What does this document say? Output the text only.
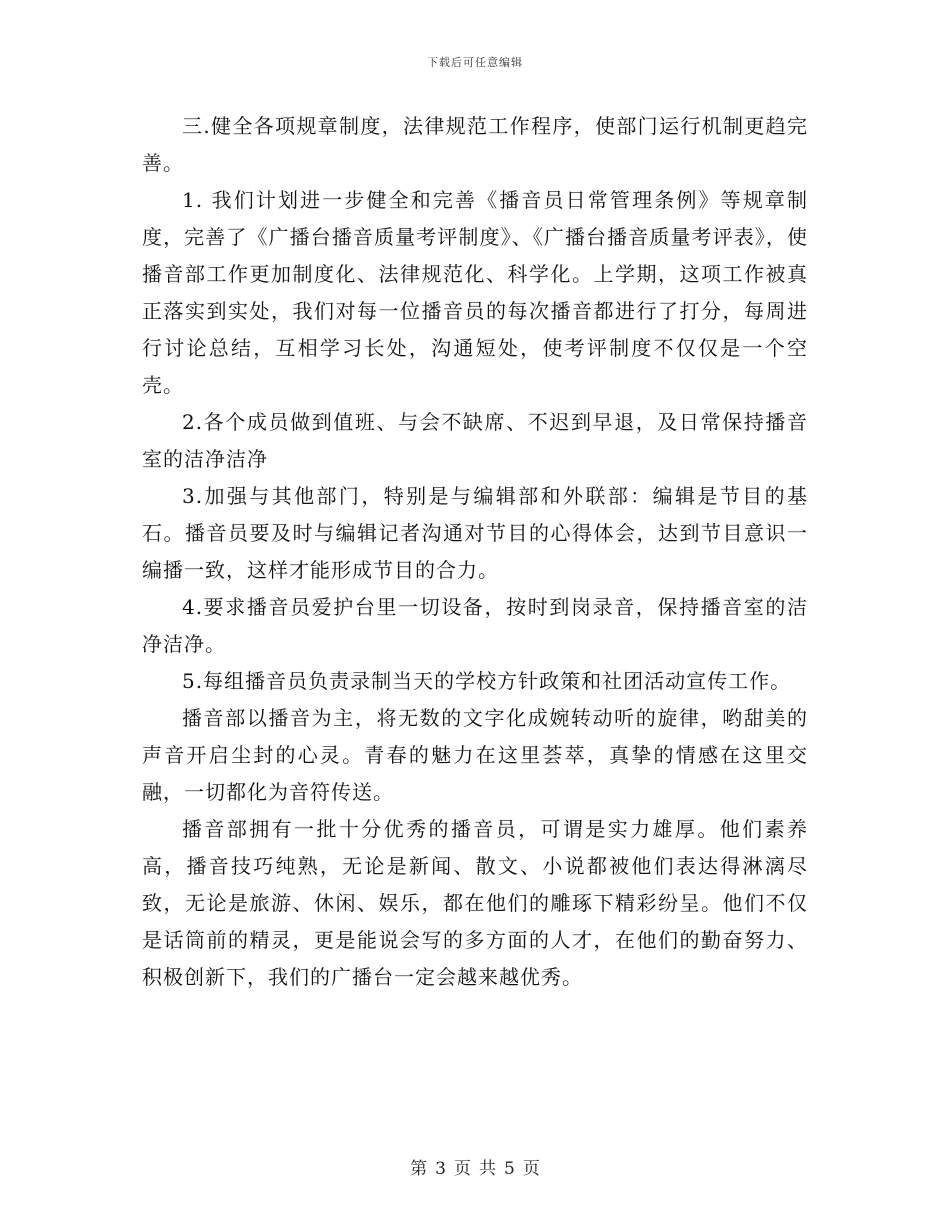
下载后可任意编辑

三.健全各项规章制度，法律规范工作程序，使部门运行机制更趋完善。

1. 我们计划进一步健全和完善《播音员日常管理条例》等规章制度，完善了《广播台播音质量考评制度》、《广播台播音质量考评表》，使播音部工作更加制度化、法律规范化、科学化。上学期，这项工作被真正落实到实处，我们对每一位播音员的每次播音都进行了打分，每周进行讨论总结，互相学习长处，沟通短处，使考评制度不仅仅是一个空壳。

2.各个成员做到值班、与会不缺席、不迟到早退，及日常保持播音室的洁净洁净

3.加强与其他部门，特别是与编辑部和外联部：编辑是节目的基石。播音员要及时与编辑记者沟通对节目的心得体会，达到节目意识一编播一致，这样才能形成节目的合力。

4.要求播音员爱护台里一切设备，按时到岗录音，保持播音室的洁净洁净。

5.每组播音员负责录制当天的学校方针政策和社团活动宣传工作。

播音部以播音为主，将无数的文字化成婉转动听的旋律，哟甜美的声音开启尘封的心灵。青春的魅力在这里荟萃，真挚的情感在这里交融，一切都化为音符传送。

播音部拥有一批十分优秀的播音员，可谓是实力雄厚。他们素养高，播音技巧纯熟，无论是新闻、散文、小说都被他们表达得淋漓尽致，无论是旅游、休闲、娱乐，都在他们的雕琢下精彩纷呈。他们不仅是话筒前的精灵，更是能说会写的多方面的人才，在他们的勤奋努力、积极创新下，我们的广播台一定会越来越优秀。

第 3 页 共 5 页
